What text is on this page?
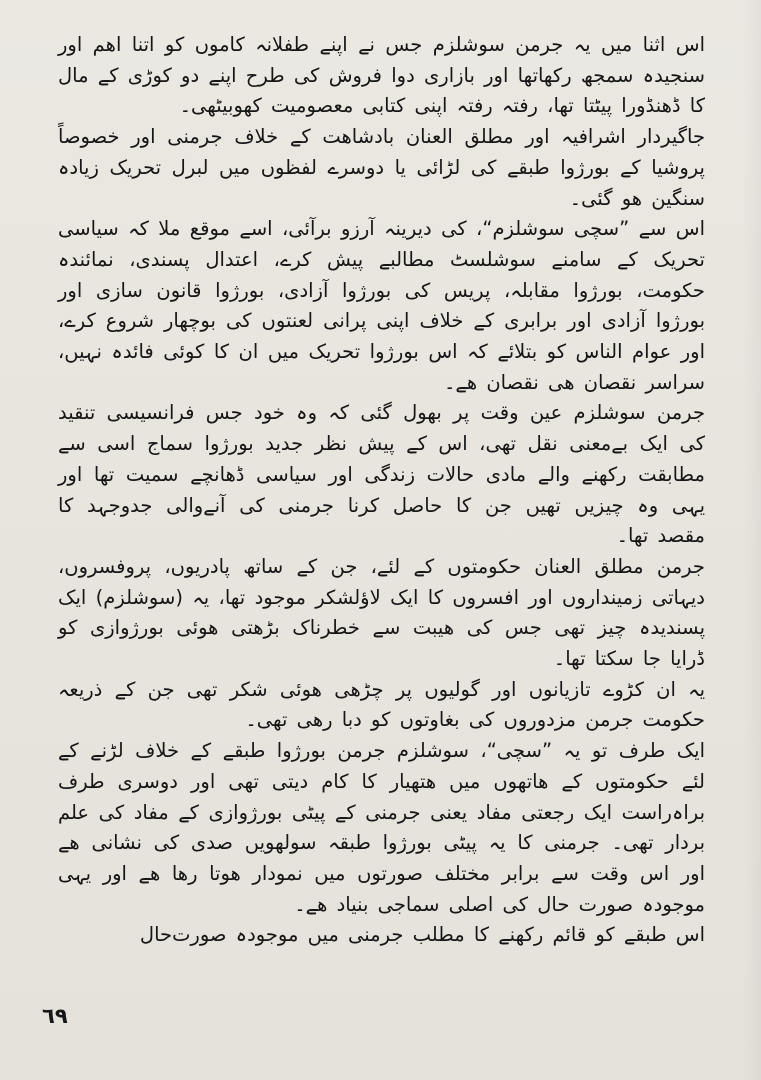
اس اثنا میں یہ جرمن سوشلزم جس نے اپنے طفلانہ کاموں کو اتنا اھم اور سنجیدہ سمجھ رکھاتھا اور بازاری دوا فروش کی طرح اپنے دو کوڑی کے مال کا ڈھنڈورا پیٹتا تھا، رفتہ رفتہ اپنی کتابی معصومیت کھوبیٹھی۔

جاگیردار اشرافیہ اور مطلق العنان بادشاھت کے خلاف جرمنی اور خصوصاً پروشیا کے بورژوا طبقے کی لڑائی یا دوسرے لفظوں میں لبرل تحریک زیادہ سنگین ھو گئی۔

اس سے ”سچی سوشلزم“، کی دیرینہ آرزو برآئی، اسے موقع ملا کہ سیاسی تحریک کے سامنے سوشلسٹ مطالبے پیش کرے، اعتدال پسندی، نمائندہ حکومت، بورژوا مقابلہ، پریس کی بورژوا آزادی، بورژوا قانون سازی اور بورژوا آزادی اور برابری کے خلاف اپنی پرانی لعنتوں کی بوچھار شروع کرے، اور عوام الناس کو بتلائے کہ اس بورژوا تحریک میں ان کا کوئی فائدہ نہیں، سراسر نقصان ھی نقصان ھے۔

جرمن سوشلزم عین وقت پر بھول گئی کہ وہ خود جس فرانسیسی تنقید کی ایک بےمعنی نقل تھی، اس کے پیش نظر جدید بورژوا سماج اسی سے مطابقت رکھنے والے مادی حالات زندگی اور سیاسی ڈھانچے سمیت تھا اور یہی وہ چیزیں تھیں جن کا حاصل کرنا جرمنی کی آنےوالی جدوجہد کا مقصد تھا۔

جرمن مطلق العنان حکومتوں کے لئے، جن کے ساتھ پادریوں، پروفسروں، دیہاتی زمینداروں اور افسروں کا ایک لاؤلشکر موجود تھا، یہ (سوشلزم) ایک پسندیدہ چیز تھی جس کی ھیبت سے خطرناک بڑھتی ھوئی بورژوازی کو ڈرایا جا سکتا تھا۔

یہ ان کڑوے تازیانوں اور گولیوں پر چڑھی ھوئی شکر تھی جن کے ذریعہ حکومت جرمن مزدوروں کی بغاوتوں کو دبا رھی تھی۔

ایک طرف تو یہ ”سچی“، سوشلزم جرمن بورژوا طبقے کے خلاف لڑنے کے لئے حکومتوں کے ھاتھوں میں ھتھیار کا کام دیتی تھی اور دوسری طرف براہ‌راست ایک رجعتی مفاد یعنی جرمنی کے پیٹی بورژوازی کے مفاد کی علم بردار تھی۔ جرمنی کا یہ پیٹی بورژوا طبقہ سولھویں صدی کی نشانی ھے اور اس وقت سے برابر مختلف صورتوں میں نمودار ھوتا رھا ھے اور یہی موجودہ صورت حال کی اصلی سماجی بنیاد ھے۔

اس طبقے کو قائم رکھنے کا مطلب جرمنی میں موجودہ صورت‌حال

٦٩
